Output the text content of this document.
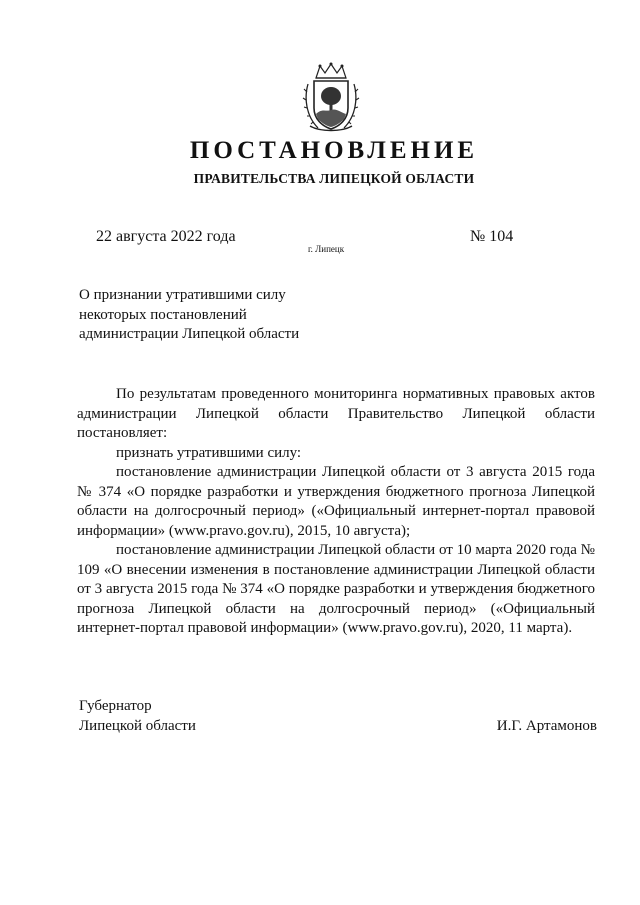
ПОСТАНОВЛЕНИЕ
ПРАВИТЕЛЬСТВА ЛИПЕЦКОЙ ОБЛАСТИ
22 августа 2022 года
г. Липецк
№ 104
О признании утратившими силу
некоторых постановлений
администрации Липецкой области

По результатам проведенного мониторинга нормативных правовых актов администрации Липецкой области Правительство Липецкой области постановляет:

признать утратившими силу:

постановление администрации Липецкой области от 3 августа 2015 года № 374 «О порядке разработки и утверждения бюджетного прогноза Липецкой области на долгосрочный период» («Официальный интернет-портал правовой информации» (www.pravo.gov.ru), 2015, 10 августа);

постановление администрации Липецкой области от 10 марта 2020 года № 109 «О внесении изменения в постановление администрации Липецкой области от 3 августа 2015 года № 374 «О порядке разработки и утверждения бюджетного прогноза Липецкой области на долгосрочный период» («Официальный интернет-портал правовой информации» (www.pravo.gov.ru), 2020, 11 марта).

Губернатор
Липецкой области	И.Г. Артамонов
